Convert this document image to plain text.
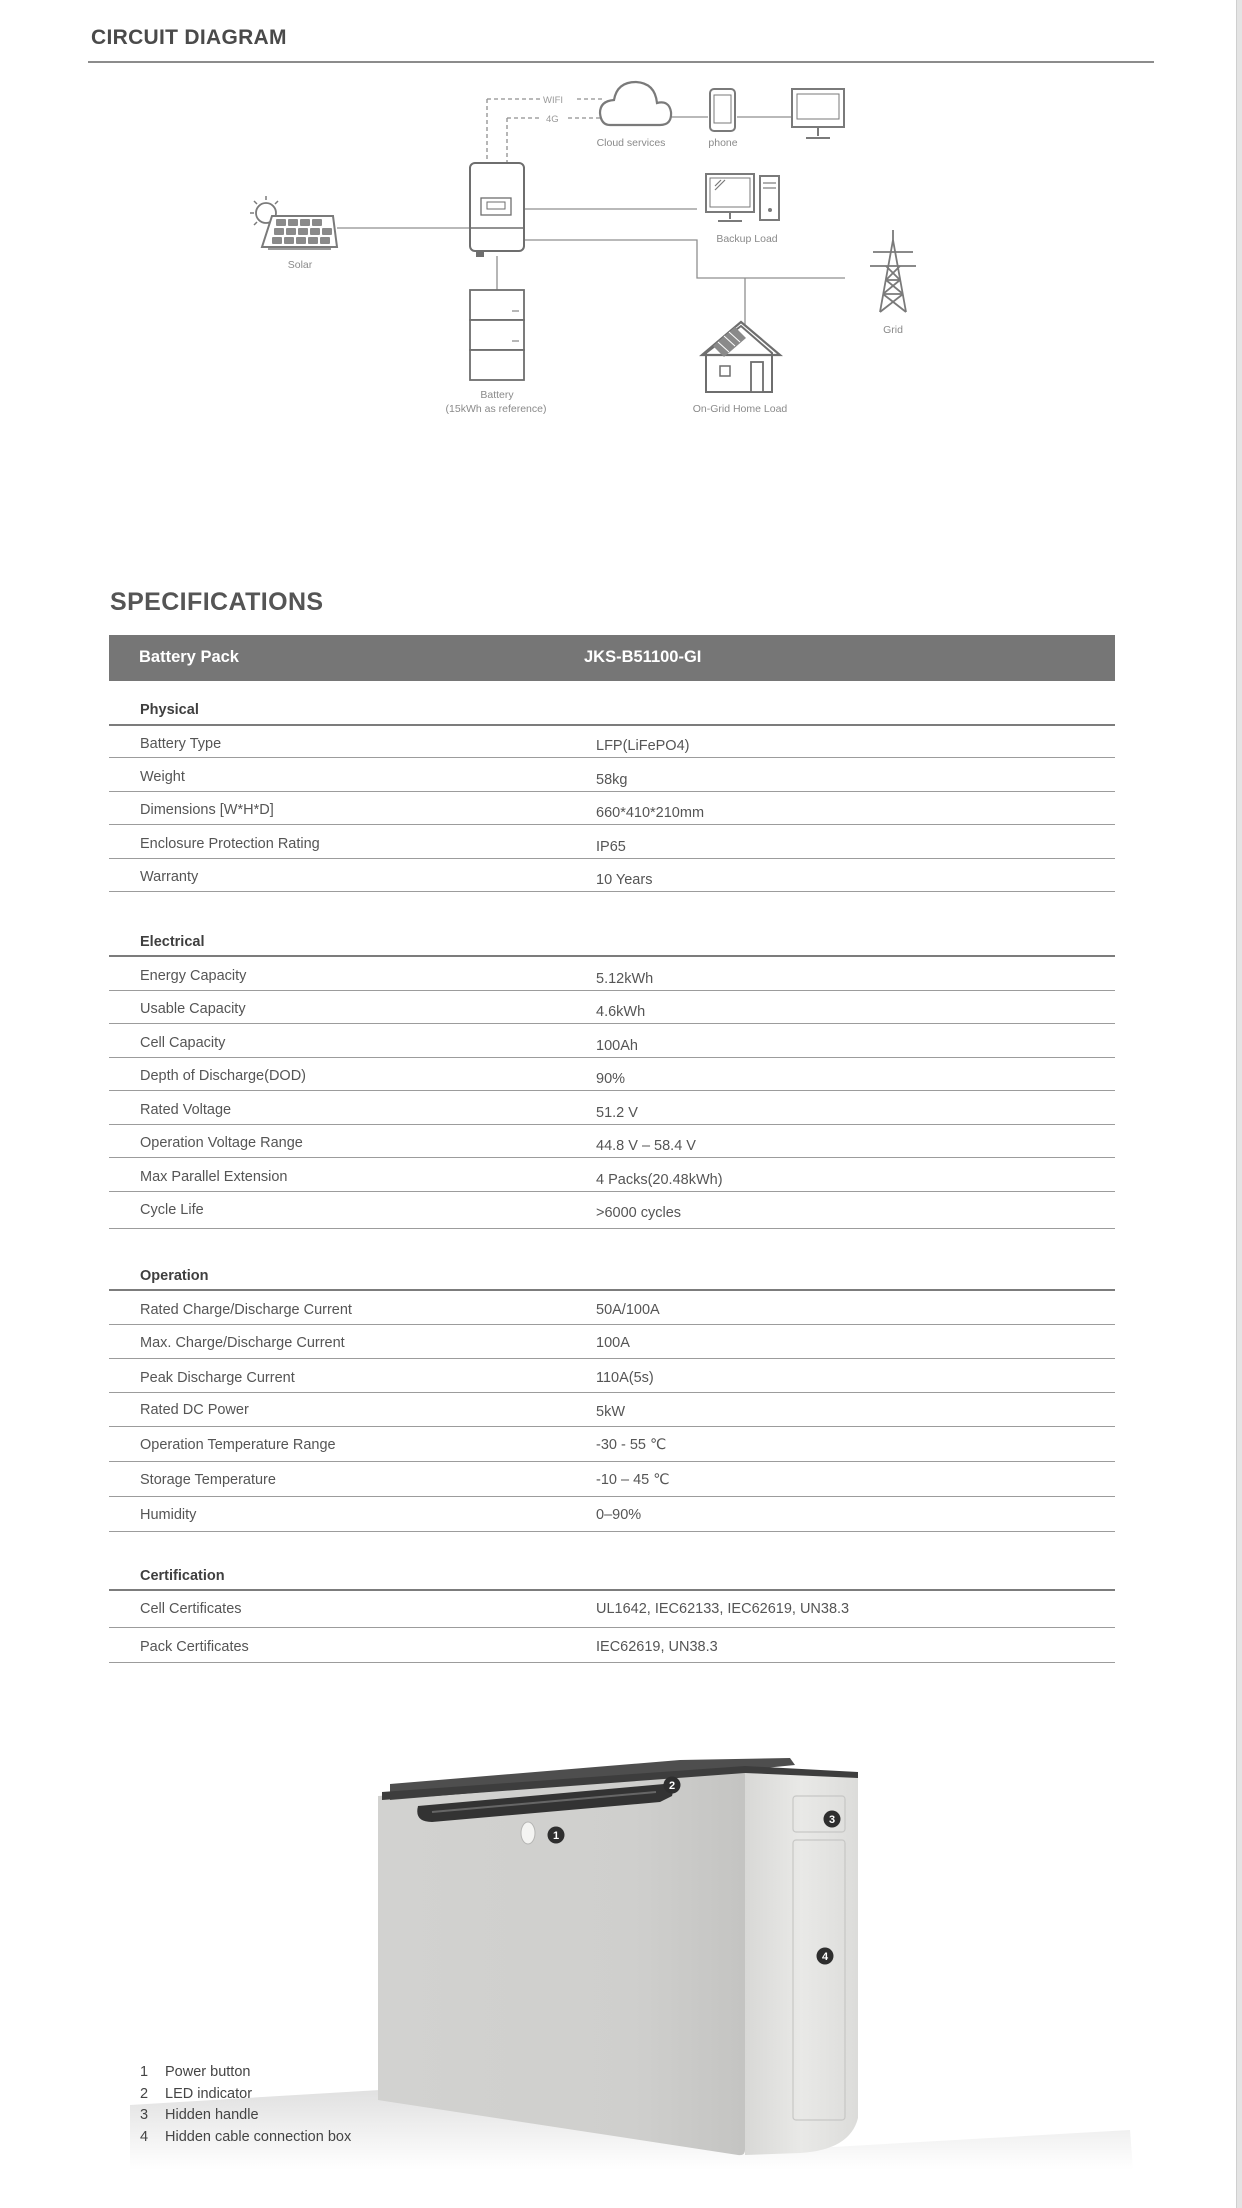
CIRCUIT DIAGRAM
WIFI
4G
Cloud services	phone
Solar
Backup Load
Grid
Battery
(15kWh as reference)	On-Grid Home Load
SPECIFICATIONS
Battery Pack	JKS-B51100-GI
Physical
Battery Type	LFP(LiFePO4)
Weight	58kg
Dimensions [W*H*D]	660*410*210mm
Enclosure Protection Rating	IP65
Warranty	10 Years
Electrical
Energy Capacity	5.12kWh
Usable Capacity	4.6kWh
Cell Capacity	100Ah
Depth of Discharge(DOD)	90%
Rated Voltage	51.2 V
Operation Voltage Range	44.8 V – 58.4 V
Max Parallel Extension	4 Packs(20.48kWh)
Cycle Life	>6000 cycles
Operation
Rated Charge/Discharge Current	50A/100A
Max. Charge/Discharge Current	100A
Peak Discharge Current	110A(5s)
Rated DC Power	5kW
Operation Temperature Range	-30 - 55 ℃
Storage Temperature	-10 – 45 ℃
Humidity	0–90%
Certification
Cell Certificates	UL1642, IEC62133, IEC62619, UN38.3
Pack Certificates	IEC62619, UN38.3
1
2
3
4
1 Power button
2 LED indicator
3 Hidden handle
4 Hidden cable connection box
